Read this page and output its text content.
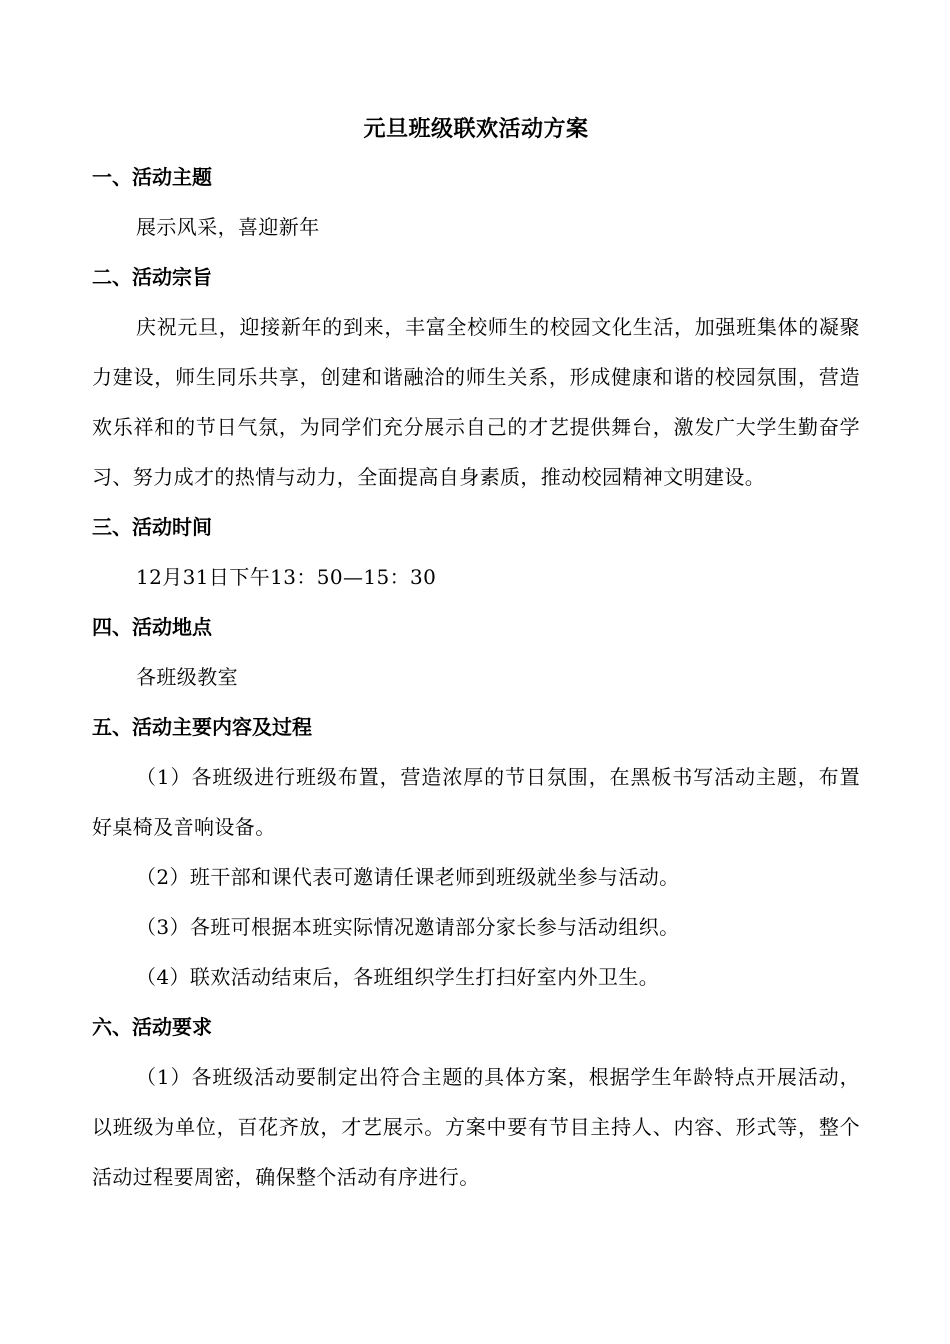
元旦班级联欢活动方案
一、活动主题

展示风采，喜迎新年

二、活动宗旨

庆祝元旦，迎接新年的到来，丰富全校师生的校园文化生活，加强班集体的凝聚力建设，师生同乐共享，创建和谐融洽的师生关系，形成健康和谐的校园氛围，营造欢乐祥和的节日气氛，为同学们充分展示自己的才艺提供舞台，激发广大学生勤奋学习、努力成才的热情与动力，全面提高自身素质，推动校园精神文明建设。

三、活动时间

12月31日下午13：50—15：30

四、活动地点

各班级教室

五、活动主要内容及过程

（1）各班级进行班级布置，营造浓厚的节日氛围，在黑板书写活动主题，布置好桌椅及音响设备。

（2）班干部和课代表可邀请任课老师到班级就坐参与活动。

（3）各班可根据本班实际情况邀请部分家长参与活动组织。

（4）联欢活动结束后，各班组织学生打扫好室内外卫生。

六、活动要求

（1）各班级活动要制定出符合主题的具体方案，根据学生年龄特点开展活动，以班级为单位，百花齐放，才艺展示。方案中要有节目主持人、内容、形式等，整个活动过程要周密，确保整个活动有序进行。
